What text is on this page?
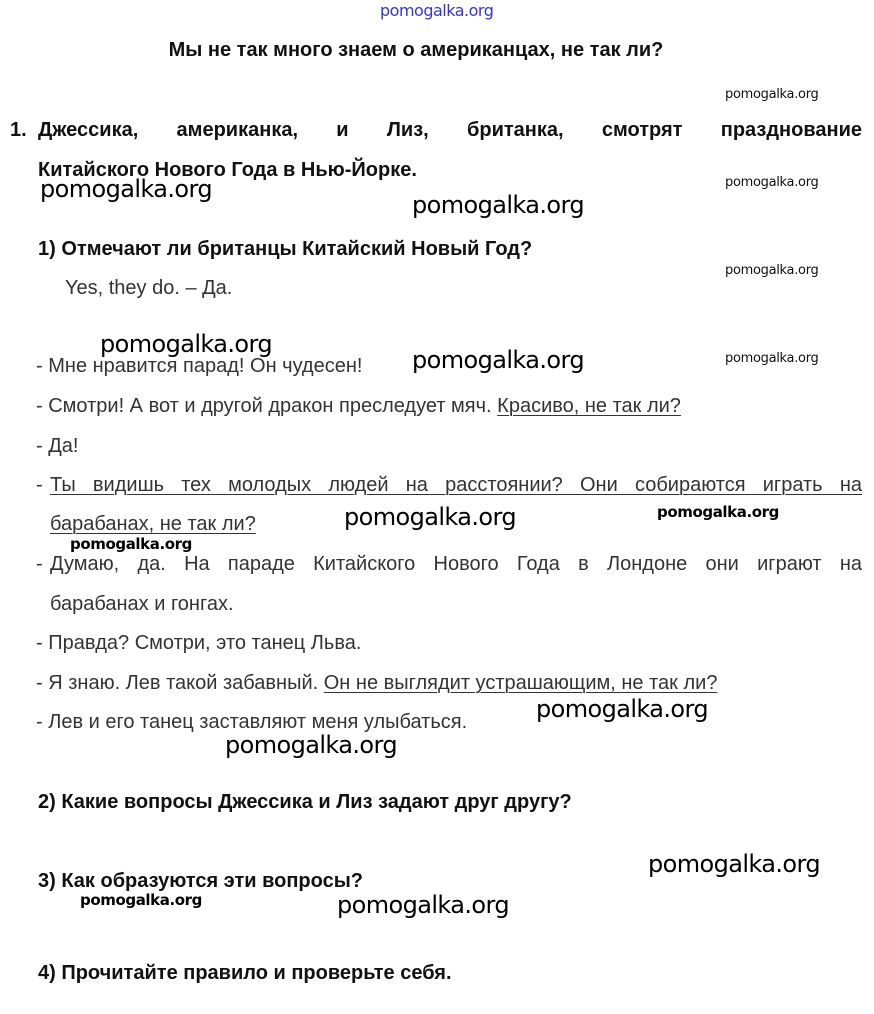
pomogalka.org
Мы не так много знаем о американцах, не так ли?
1. Джессика, американка, и Лиз, британка, смотрят празднование
Китайского Нового Года в Нью-Йорке.
1) Отмечают ли британцы Китайский Новый Год?
Yes, they do. – Да.
- Мне нравится парад! Он чудесен!
- Смотри! А вот и другой дракон преследует мяч. Красиво, не так ли?
- Да!
- Ты видишь тех молодых людей на расстоянии? Они собираются играть на
барабанах, не так ли?
- Думаю, да. На параде Китайского Нового Года в Лондоне они играют на
барабанах и гонгах.
- Правда? Смотри, это танец Льва.
- Я знаю. Лев такой забавный. Он не выглядит устрашающим, не так ли?
- Лев и его танец заставляют меня улыбаться.
2) Какие вопросы Джессика и Лиз задают друг другу?
3) Как образуются эти вопросы?
4) Прочитайте правило и проверьте себя.
pomogalka.org
pomogalka.org
pomogalka.org
pomogalka.org
pomogalka.org
pomogalka.org
pomogalka.org
pomogalka.org
pomogalka.org	pomogalka.org
pomogalka.org
pomogalka.org
pomogalka.org
pomogalka.org
pomogalka.org	pomogalka.org
